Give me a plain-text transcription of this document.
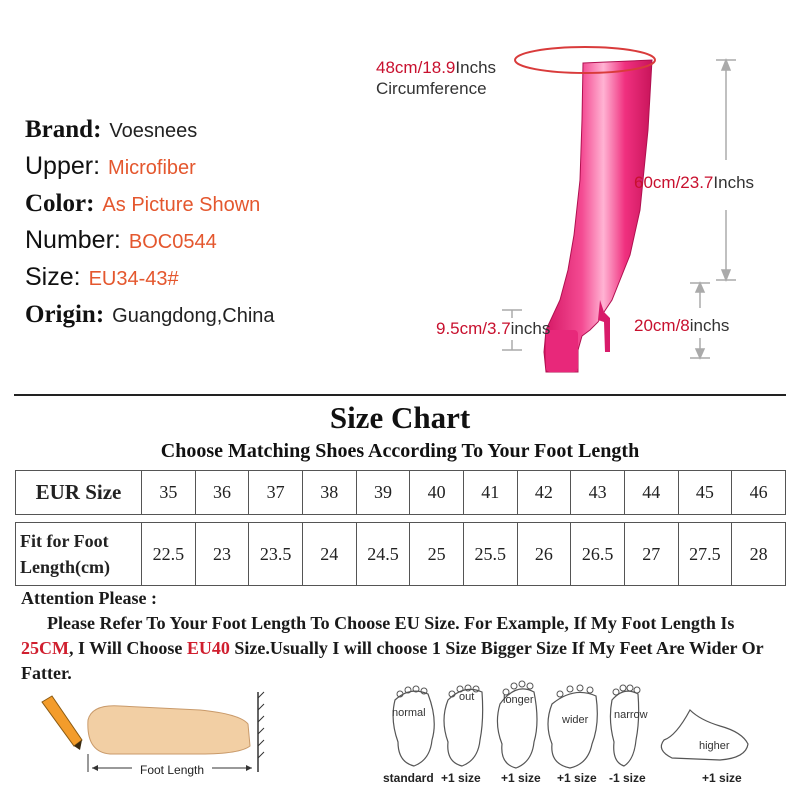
Brand: Voesnees
Upper: Microfiber
Color: As Picture Shown
Number: BOC0544
Size: EU34-43#
Origin: Guangdong,China
48cm/18.9Inchs
Circumference
60cm/23.7Inchs
9.5cm/3.7inchs	20cm/8inchs
Size Chart
Choose Matching Shoes According To Your Foot Length
EUR Size	35	36	37	38	39	40	41	42	43	44	45	46

Fit for Foot
Length(cm)	22.5	23	23.5	24	24.5	25	25.5	26	26.5	27	27.5	28
Attention Please :
Please Refer To Your Foot Length To Choose EU Size. For Example, If My Foot Length Is 25CM, I Will Choose EU40 Size.Usually I will choose 1 Size Bigger Size If My Feet Are Wider Or Fatter.
Foot Length
normal
out	longer
wider narrow
higher
standard +1 size +1 size +1 size -1 size	+1 size
